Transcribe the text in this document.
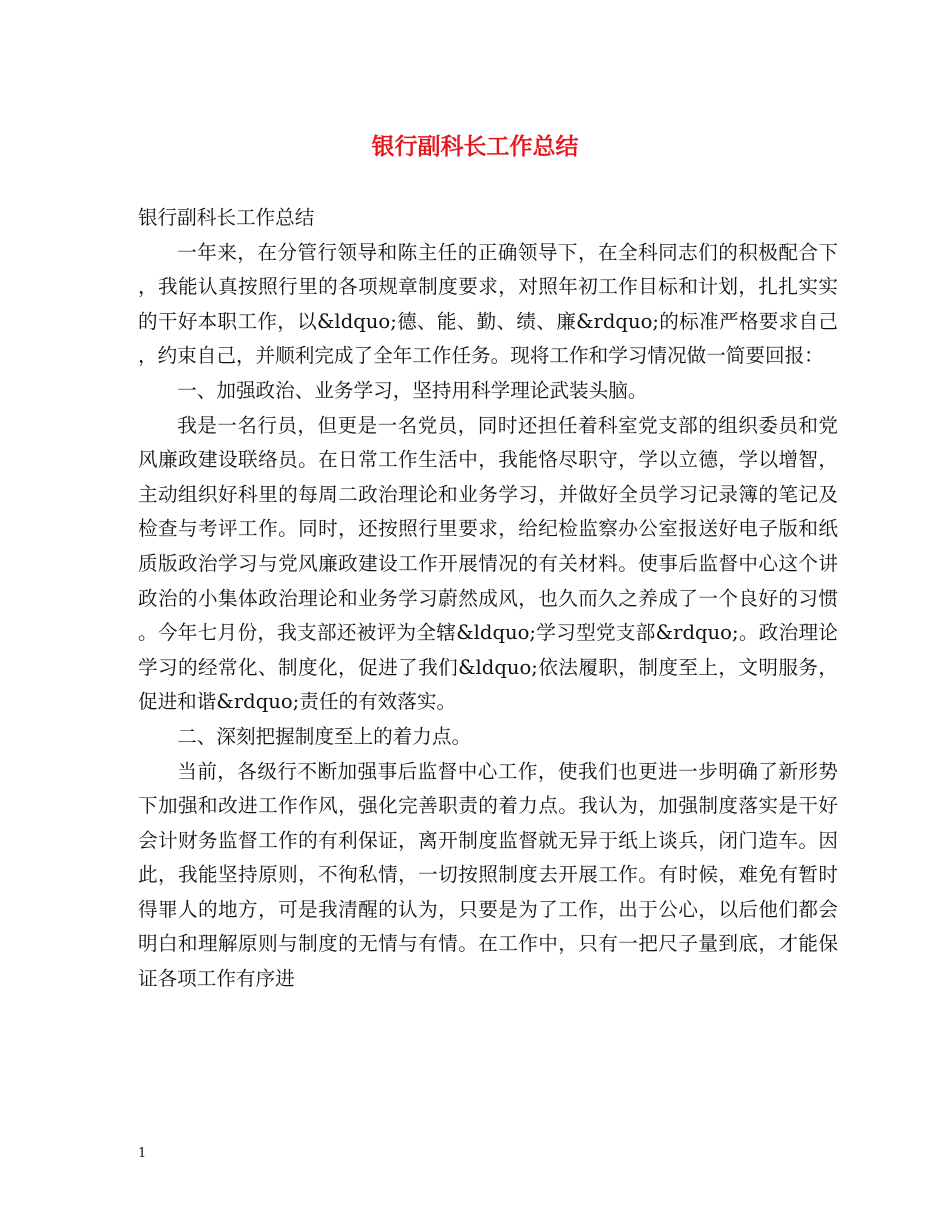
银行副科长工作总结

银行副科长工作总结

一年来，在分管行领导和陈主任的正确领导下，在全科同志们的积极配合下，我能认真按照行里的各项规章制度要求，对照年初工作目标和计划，扎扎实实的干好本职工作，以&ldquo;德、能、勤、绩、廉&rdquo;的标准严格要求自己，约束自己，并顺利完成了全年工作任务。现将工作和学习情况做一简要回报：

一、加强政治、业务学习，坚持用科学理论武装头脑。

我是一名行员，但更是一名党员，同时还担任着科室党支部的组织委员和党风廉政建设联络员。在日常工作生活中，我能恪尽职守，学以立德，学以增智，主动组织好科里的每周二政治理论和业务学习，并做好全员学习记录簿的笔记及检查与考评工作。同时，还按照行里要求，给纪检监察办公室报送好电子版和纸质版政治学习与党风廉政建设工作开展情况的有关材料。使事后监督中心这个讲政治的小集体政治理论和业务学习蔚然成风，也久而久之养成了一个良好的习惯。今年七月份，我支部还被评为全辖&ldquo;学习型党支部&rdquo;。政治理论学习的经常化、制度化，促进了我们&ldquo;依法履职，制度至上，文明服务，促进和谐&rdquo;责任的有效落实。

二、深刻把握制度至上的着力点。

当前，各级行不断加强事后监督中心工作，使我们也更进一步明确了新形势下加强和改进工作作风，强化完善职责的着力点。我认为，加强制度落实是干好会计财务监督工作的有利保证，离开制度监督就无异于纸上谈兵，闭门造车。因此，我能坚持原则，不徇私情，一切按照制度去开展工作。有时候，难免有暂时得罪人的地方，可是我清醒的认为，只要是为了工作，出于公心，以后他们都会明白和理解原则与制度的无情与有情。在工作中，只有一把尺子量到底，才能保证各项工作有序进

1
